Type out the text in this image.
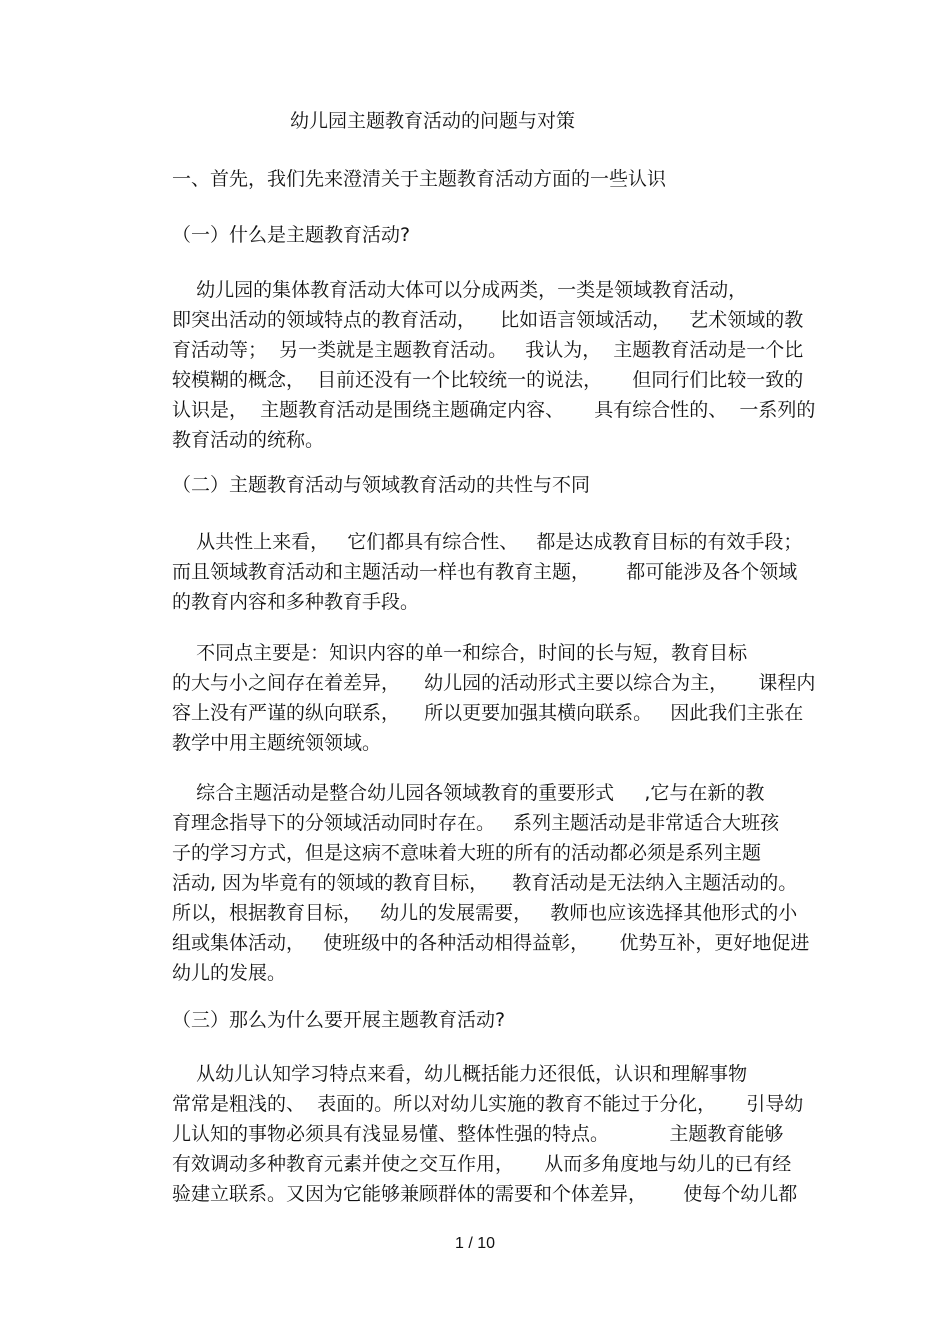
幼儿园主题教育活动的问题与对策
一、首先，我们先来澄清关于主题教育活动方面的一些认识
（一）什么是主题教育活动?
幼儿园的集体教育活动大体可以分成两类，一类是领域教育活动，
即突出活动的领域特点的教育活动，    比如语言领域活动，   艺术领域的教
育活动等；  另一类就是主题教育活动。   我认为，  主题教育活动是一个比
较模糊的概念，  目前还没有一个比较统一的说法，     但同行们比较一致的
认识是，  主题教育活动是围绕主题确定内容、     具有综合性的、  一系列的
教育活动的统称。
（二）主题教育活动与领域教育活动的共性与不同
从共性上来看，   它们都具有综合性、   都是达成教育目标的有效手段；
而且领域教育活动和主题活动一样也有教育主题，      都可能涉及各个领域
的教育内容和多种教育手段。
不同点主要是：知识内容的单一和综合，时间的长与短，教育目标
的大与小之间存在着差异，    幼儿园的活动形式主要以综合为主，     课程内
容上没有严谨的纵向联系，    所以更要加强其横向联系。   因此我们主张在
教学中用主题统领领域。
综合主题活动是整合幼儿园各领域教育的重要形式     ,它与在新的教
育理念指导下的分领域活动同时存在。   系列主题活动是非常适合大班孩
子的学习方式，但是这病不意味着大班的所有的活动都必须是系列主题
活动, 因为毕竟有的领域的教育目标，    教育活动是无法纳入主题活动的。
所以，根据教育目标，   幼儿的发展需要，   教师也应该选择其他形式的小
组或集体活动，   使班级中的各种活动相得益彰，     优势互补，更好地促进
幼儿的发展。
（三）那么为什么要开展主题教育活动?
从幼儿认知学习特点来看，幼儿概括能力还很低，认识和理解事物
常常是粗浅的、  表面的。所以对幼儿实施的教育不能过于分化，     引导幼
儿认知的事物必须具有浅显易懂、整体性强的特点。          主题教育能够
有效调动多种教育元素并使之交互作用，     从而多角度地与幼儿的已有经
验建立联系。又因为它能够兼顾群体的需要和个体差异，      使每个幼儿都
1 / 10
